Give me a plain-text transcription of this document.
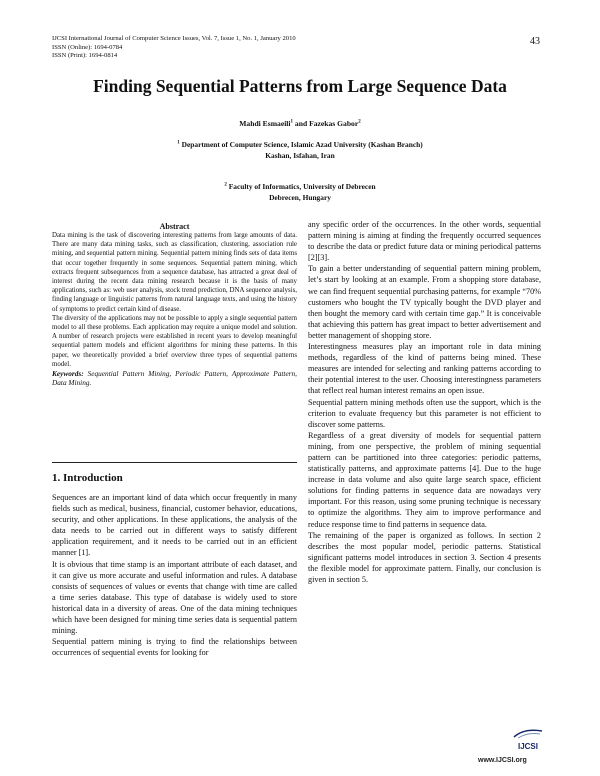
IJCSI International Journal of Computer Science Issues, Vol. 7, Issue 1, No. 1, January 2010
ISSN (Online): 1694-0784
ISSN (Print): 1694-0814
43
Finding Sequential Patterns from Large Sequence Data
Mahdi Esmaeili$^1$ and Fazekas Gabor$^2$
$^1$ Department of Computer Science, Islamic Azad University (Kashan Branch)
Kashan, Isfahan, Iran
$^2$ Faculty of Informatics, University of Debrecen
Debrecen, Hungary
Abstract

Data mining is the task of discovering interesting patterns from large amounts of data. There are many data mining tasks, such as classification, clustering, association rule mining, and sequential pattern mining. Sequential pattern mining finds sets of data items that occur together frequently in some sequences. Sequential pattern mining, which extracts frequent subsequences from a sequence database, has attracted a great deal of interest during the recent data mining research because it is the basis of many applications, such as: web user analysis, stock trend prediction, DNA sequence analysis, finding language or linguistic patterns from natural language texts, and using the history of symptoms to predict certain kind of disease.

The diversity of the applications may not be possible to apply a single sequential pattern model to all these problems. Each application may require a unique model and solution. A number of research projects were established in recent years to develop meaningful sequential pattern models and efficient algorithms for mining these patterns. In this paper, we theoretically provided a brief overview three types of sequential patterns model.

Keywords: Sequential Pattern Mining, Periodic Pattern, Approximate Pattern, Data Mining.

1. Introduction

Sequences are an important kind of data which occur frequently in many fields such as medical, business, financial, customer behavior, educations, security, and other applications. In these applications, the analysis of the data needs to be carried out in different ways to satisfy different application requirement, and it needs to be carried out in an efficient manner [1].

It is obvious that time stamp is an important attribute of each dataset, and it can give us more accurate and useful information and rules. A database consists of sequences of values or events that change with time are called a time series database. This type of database is widely used to store historical data in a diversity of areas. One of the data mining techniques which have been designed for mining time series data is sequential pattern mining.

Sequential pattern mining is trying to find the relationships between occurrences of sequential events for looking for

any specific order of the occurrences. In the other words, sequential pattern mining is aiming at finding the frequently occurred sequences to describe the data or predict future data or mining periodical patterns [2][3].

To gain a better understanding of sequential pattern mining problem, let’s start by looking at an example. From a shopping store database, we can find frequent sequential purchasing patterns, for example “70% customers who bought the TV typically bought the DVD player and then bought the memory card with certain time gap.” It is conceivable that achieving this pattern has great impact to better advertisement and better management of shopping store.

Interestingness measures play an important role in data mining methods, regardless of the kind of patterns being mined. These measures are intended for selecting and ranking patterns according to their potential interest to the user. Choosing interestingness parameters that reflect real human interest remains an open issue.

Sequential pattern mining methods often use the support, which is the criterion to evaluate frequency but this parameter is not efficient to discover some patterns.

Regardless of a great diversity of models for sequential pattern mining, from one perspective, the problem of mining sequential pattern can be partitioned into three categories: periodic patterns, statistically patterns, and approximate patterns [4]. Due to the huge increase in data volume and also quite large search space, efficient solutions for finding patterns in sequence data are nowadays very important. For this reason, using some pruning technique is necessary to optimize the algorithms. They aim to improve performance and reduce response time to find patterns in sequence data.

The remaining of the paper is organized as follows. In section 2 describes the most popular model, periodic patterns. Statistical significant patterns model introduces in section 3. Section 4 presents the flexible model for approximate pattern. Finally, our conclusion is given in section 5.

IJCSI
www.IJCSI.org
